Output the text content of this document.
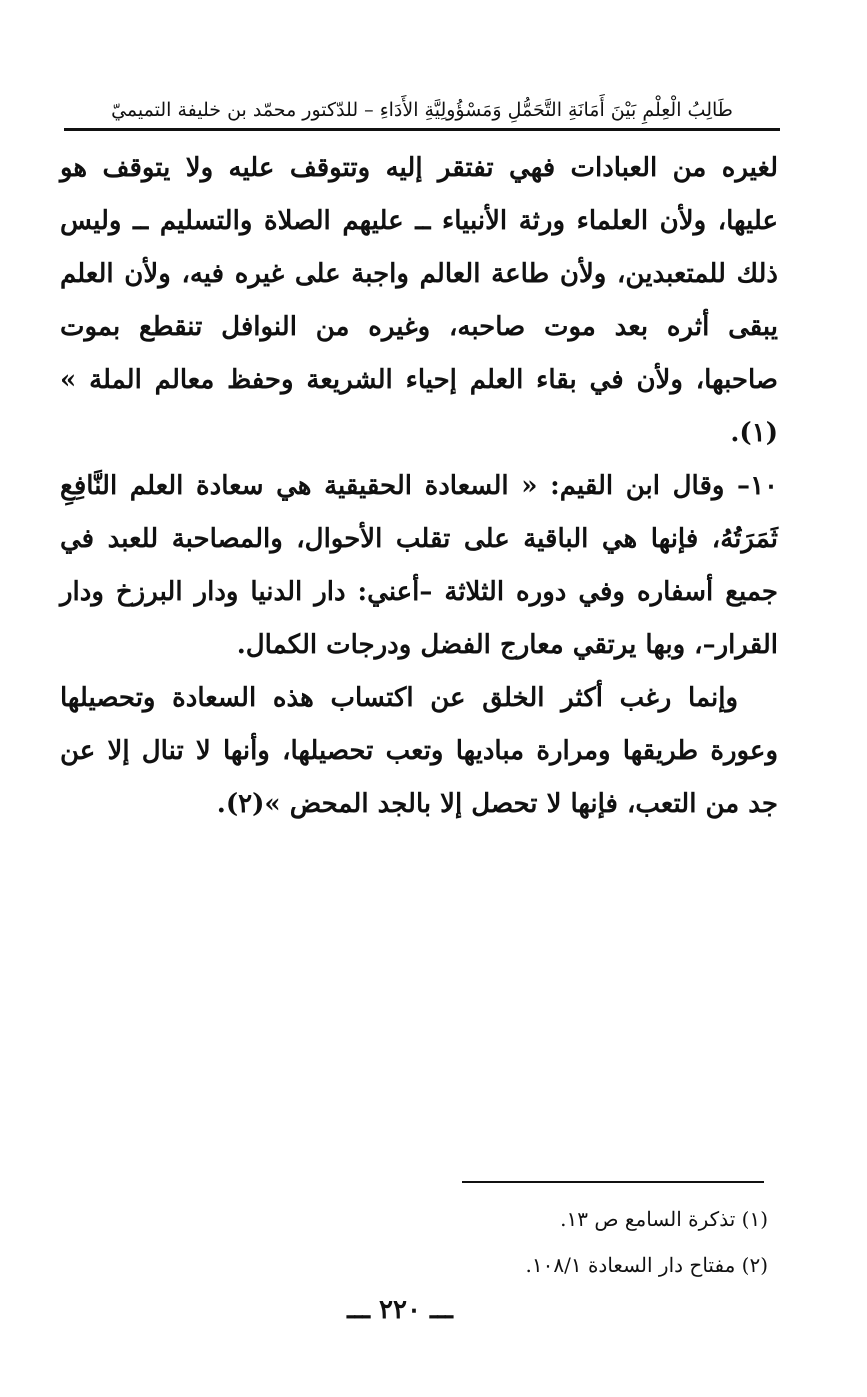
طَالِبُ الْعِلْمِ بَيْنَ أَمَانَةِ التَّحَمُّلِ وَمَسْؤُولِيَّةِ الأَدَاءِ – للدّكتور محمّد بن خليفة التميميّ

لغيره من العبادات فهي تفتقر إليه وتتوقف عليه ولا يتوقف هو عليها، ولأن العلماء ورثة الأنبياء ــ عليهم الصلاة والتسليم ــ وليس ذلك للمتعبدين، ولأن طاعة العالم واجبة على غيره فيه، ولأن العلم يبقى أثره بعد موت صاحبه، وغيره من النوافل تنقطع بموت صاحبها، ولأن في بقاء العلم إحياء الشريعة وحفظ معالم الملة » (١).

١٠– وقال ابن القيم: « السعادة الحقيقية هي سعادة العلم النَّافِعِ ثَمَرَتُهُ، فإنها هي الباقية على تقلب الأحوال، والمصاحبة للعبد في جميع أسفاره وفي دوره الثلاثة –أعني: دار الدنيا ودار البرزخ ودار القرار–، وبها يرتقي معارج الفضل ودرجات الكمال.

وإنما رغب أكثر الخلق عن اكتساب هذه السعادة وتحصيلها وعورة طريقها ومرارة مباديها وتعب تحصيلها، وأنها لا تنال إلا عن جد من التعب، فإنها لا تحصل إلا بالجد المحض »(٢).

(١) تذكرة السامع ص ١٣.

(٢) مفتاح دار السعادة ١٠٨/١.

ـــ ٢٢٠ ـــ
